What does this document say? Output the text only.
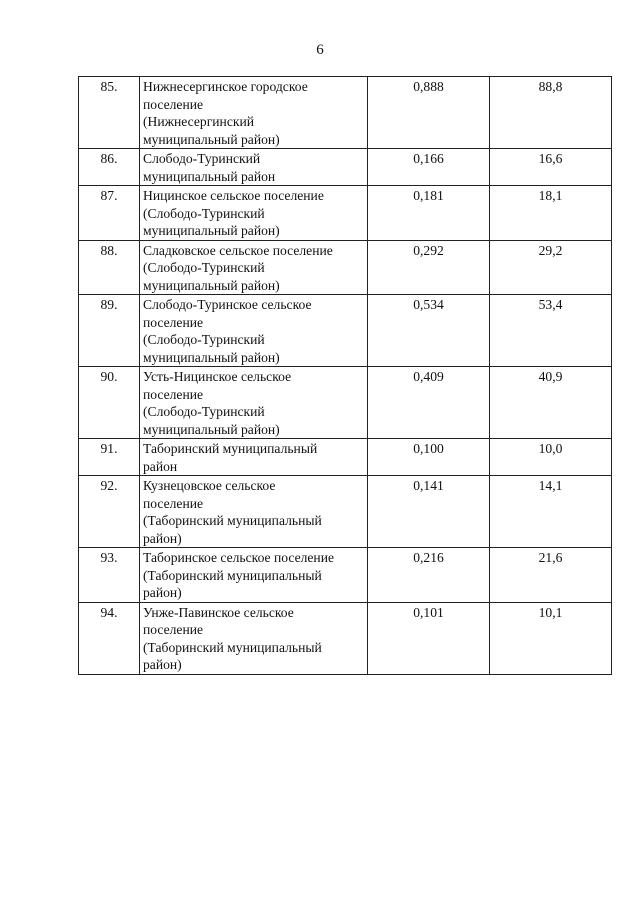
6
85.	Нижнесергинское городское
поселение
(Нижнесергинский
муниципальный район)	0,888	88,8
86.	Слободо-Туринский
муниципальный район	0,166	16,6
87.	Ницинское сельское поселение
(Слободо-Туринский
муниципальный район)	0,181	18,1
88.	Сладковское сельское поселение
(Слободо-Туринский
муниципальный район)	0,292	29,2
89.	Слободо-Туринское сельское
поселение
(Слободо-Туринский
муниципальный район)	0,534	53,4
90.	Усть-Ницинское сельское
поселение
(Слободо-Туринский
муниципальный район)	0,409	40,9
91.	Таборинский муниципальный
район	0,100	10,0
92.	Кузнецовское сельское
поселение
(Таборинский муниципальный
район)	0,141	14,1
93.	Таборинское сельское поселение
(Таборинский муниципальный
район)	0,216	21,6
94.	Унже-Павинское сельское
поселение
(Таборинский муниципальный
район)	0,101	10,1
